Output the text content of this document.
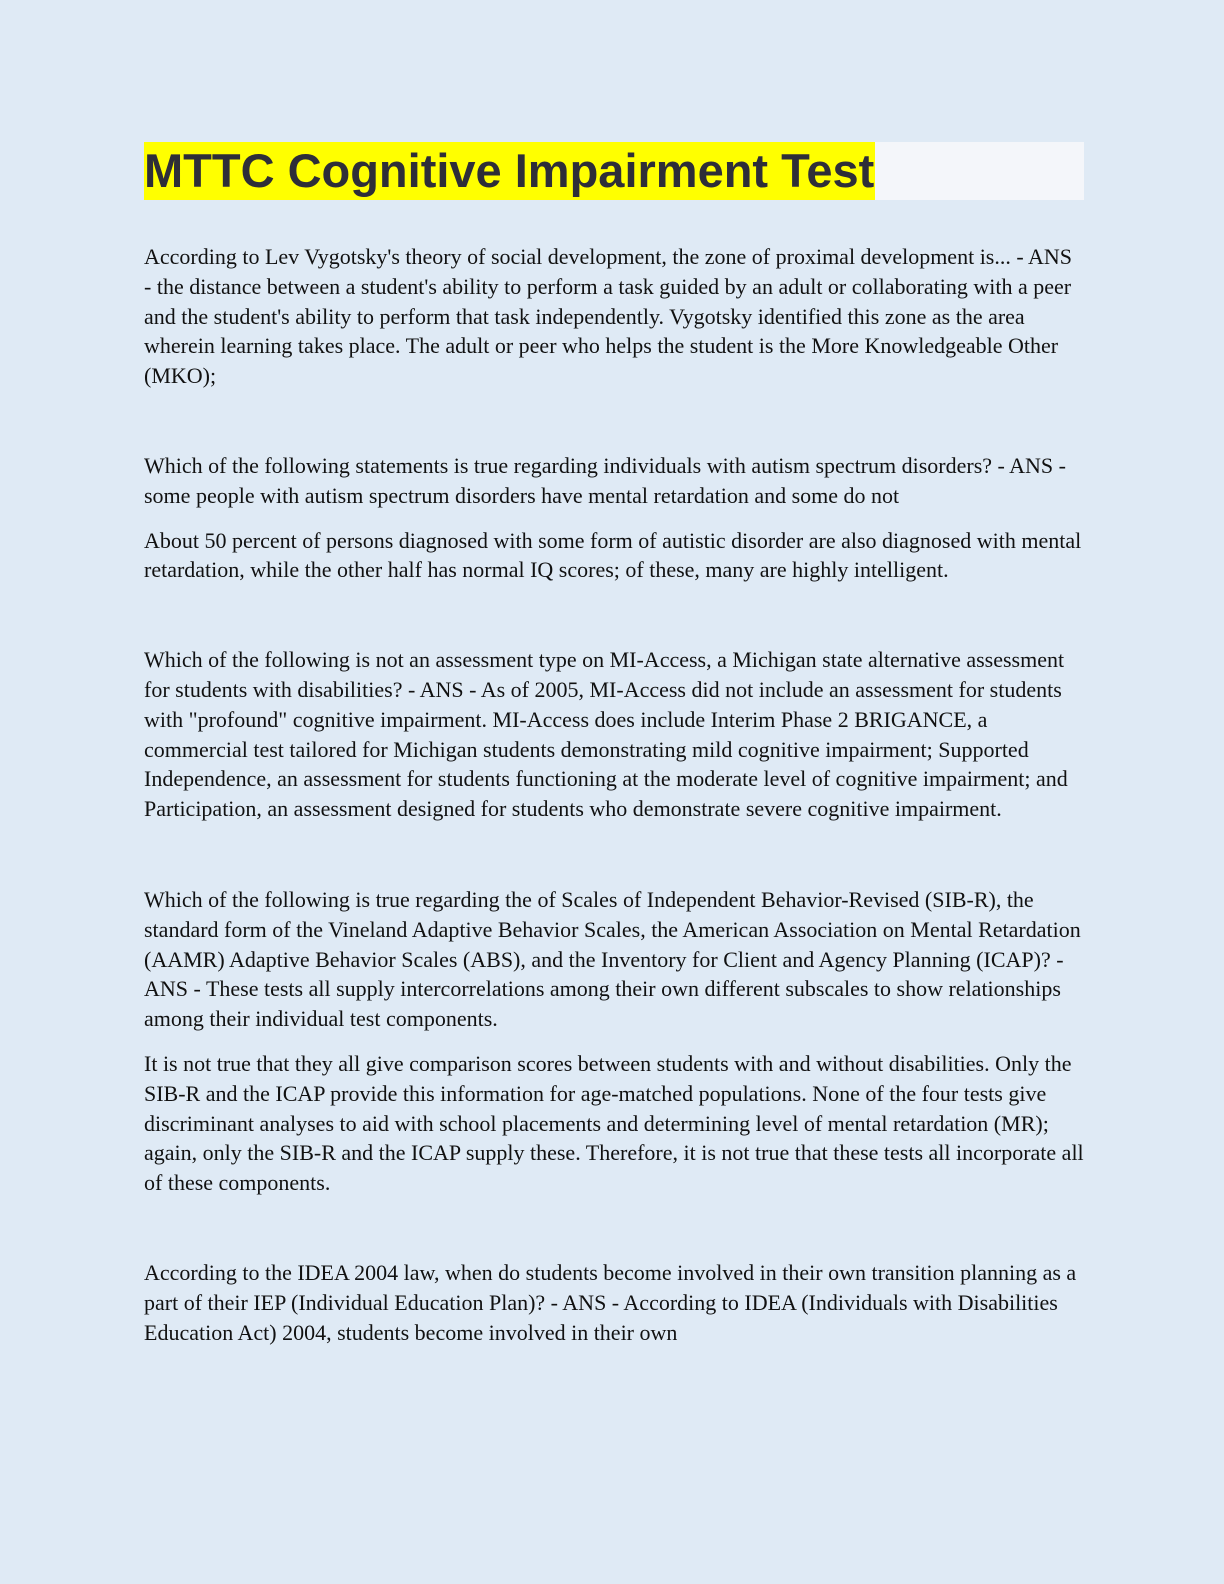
MTTC Cognitive Impairment Test

According to Lev Vygotsky's theory of social development, the zone of proximal development is... - ANS - the distance between a student's ability to perform a task guided by an adult or collaborating with a peer and the student's ability to perform that task independently. Vygotsky identified this zone as the area wherein learning takes place. The adult or peer who helps the student is the More Knowledgeable Other (MKO);

Which of the following statements is true regarding individuals with autism spectrum disorders? - ANS - some people with autism spectrum disorders have mental retardation and some do not

About 50 percent of persons diagnosed with some form of autistic disorder are also diagnosed with mental retardation, while the other half has normal IQ scores; of these, many are highly intelligent.

Which of the following is not an assessment type on MI-Access, a Michigan state alternative assessment for students with disabilities? - ANS - As of 2005, MI-Access did not include an assessment for students with "profound" cognitive impairment. MI-Access does include Interim Phase 2 BRIGANCE, a commercial test tailored for Michigan students demonstrating mild cognitive impairment; Supported Independence, an assessment for students functioning at the moderate level of cognitive impairment; and Participation, an assessment designed for students who demonstrate severe cognitive impairment.

Which of the following is true regarding the of Scales of Independent Behavior-Revised (SIB-R), the standard form of the Vineland Adaptive Behavior Scales, the American Association on Mental Retardation (AAMR) Adaptive Behavior Scales (ABS), and the Inventory for Client and Agency Planning (ICAP)? - ANS - These tests all supply intercorrelations among their own different subscales to show relationships among their individual test components.

It is not true that they all give comparison scores between students with and without disabilities. Only the SIB-R and the ICAP provide this information for age-matched populations. None of the four tests give discriminant analyses to aid with school placements and determining level of mental retardation (MR); again, only the SIB-R and the ICAP supply these. Therefore, it is not true that these tests all incorporate all of these components.

According to the IDEA 2004 law, when do students become involved in their own transition planning as a part of their IEP (Individual Education Plan)? - ANS - According to IDEA (Individuals with Disabilities Education Act) 2004, students become involved in their own
